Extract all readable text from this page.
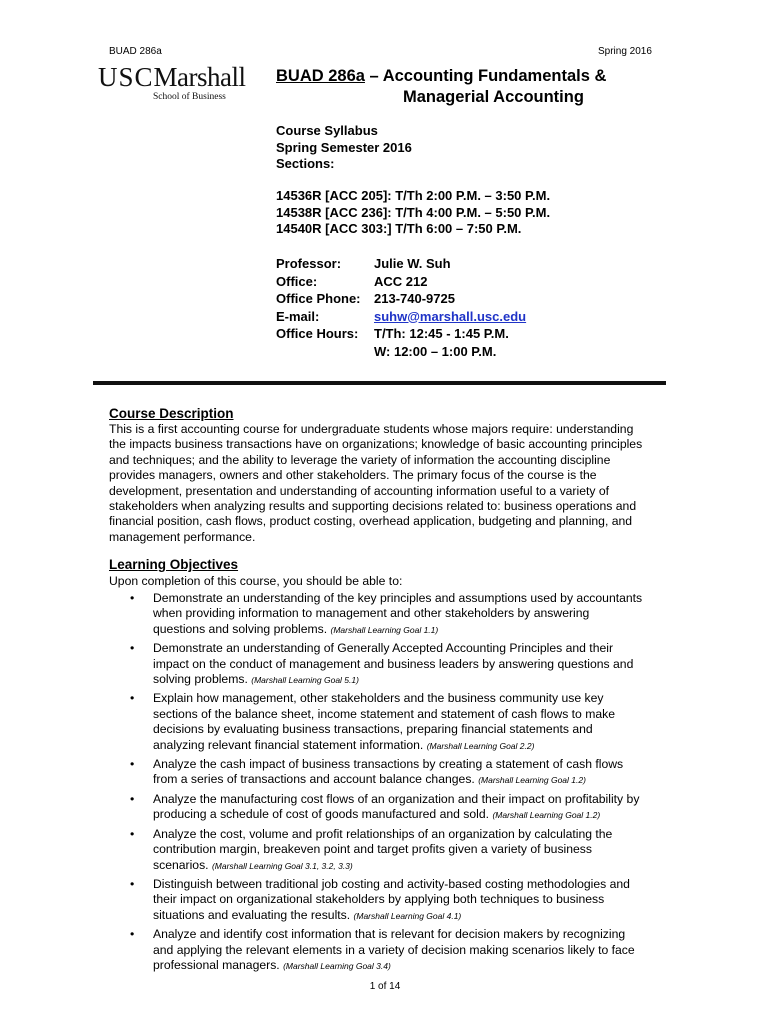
BUAD 286a	Spring 2016
USCMarshall
School of Business
BUAD 286a – Accounting Fundamentals &
Managerial Accounting
Course Syllabus
Spring Semester 2016
Sections:
14536R [ACC 205]: T/Th 2:00 P.M. – 3:50 P.M.
14538R [ACC 236]: T/Th 4:00 P.M. – 5:50 P.M.
14540R [ACC 303:] T/Th 6:00 – 7:50 P.M.
Professor:	Julie W. Suh
Office:	ACC 212
Office Phone: 213-740-9725
E-mail:	suhw@marshall.usc.edu
Office Hours: T/Th: 12:45 - 1:45 P.M.
W: 12:00 – 1:00 P.M.
Course Description
This is a first accounting course for undergraduate students whose majors require: understanding
the impacts business transactions have on organizations; knowledge of basic accounting principles
and techniques; and the ability to leverage the variety of information the accounting discipline
provides managers, owners and other stakeholders. The primary focus of the course is the
development, presentation and understanding of accounting information useful to a variety of
stakeholders when analyzing results and supporting decisions related to: business operations and
financial position, cash flows, product costing, overhead application, budgeting and planning, and
management performance.
Learning Objectives
Upon completion of this course, you should be able to:
• Demonstrate an understanding of the key principles and assumptions used by accountants
when providing information to management and other stakeholders by answering
questions and solving problems. (Marshall Learning Goal 1.1)
• Demonstrate an understanding of Generally Accepted Accounting Principles and their
impact on the conduct of management and business leaders by answering questions and
solving problems. (Marshall Learning Goal 5.1)
• Explain how management, other stakeholders and the business community use key
sections of the balance sheet, income statement and statement of cash flows to make
decisions by evaluating business transactions, preparing financial statements and
analyzing relevant financial statement information. (Marshall Learning Goal 2.2)
• Analyze the cash impact of business transactions by creating a statement of cash flows
from a series of transactions and account balance changes. (Marshall Learning Goal 1.2)
• Analyze the manufacturing cost flows of an organization and their impact on profitability by
producing a schedule of cost of goods manufactured and sold. (Marshall Learning Goal 1.2)
• Analyze the cost, volume and profit relationships of an organization by calculating the
contribution margin, breakeven point and target profits given a variety of business
scenarios. (Marshall Learning Goal 3.1, 3.2, 3.3)
• Distinguish between traditional job costing and activity-based costing methodologies and
their impact on organizational stakeholders by applying both techniques to business
situations and evaluating the results. (Marshall Learning Goal 4.1)
• Analyze and identify cost information that is relevant for decision makers by recognizing
and applying the relevant elements in a variety of decision making scenarios likely to face
professional managers. (Marshall Learning Goal 3.4)
1 of 14
